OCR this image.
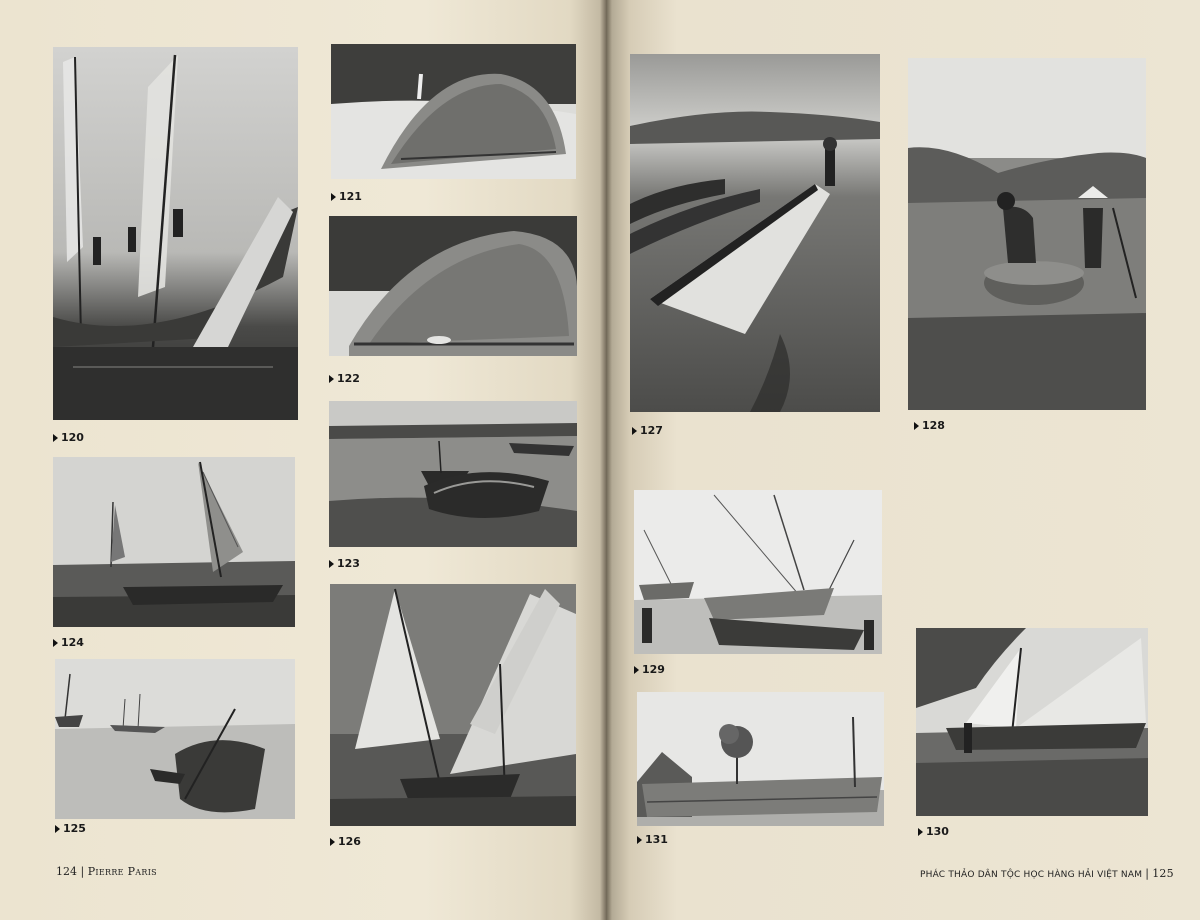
120
121
122
123
124
125
126
124 | Pierre Paris
127	128
129
130
131
PHÁC THẢO DÂN TỘC HỌC HÀNG HẢI VIỆT NAM | 125
